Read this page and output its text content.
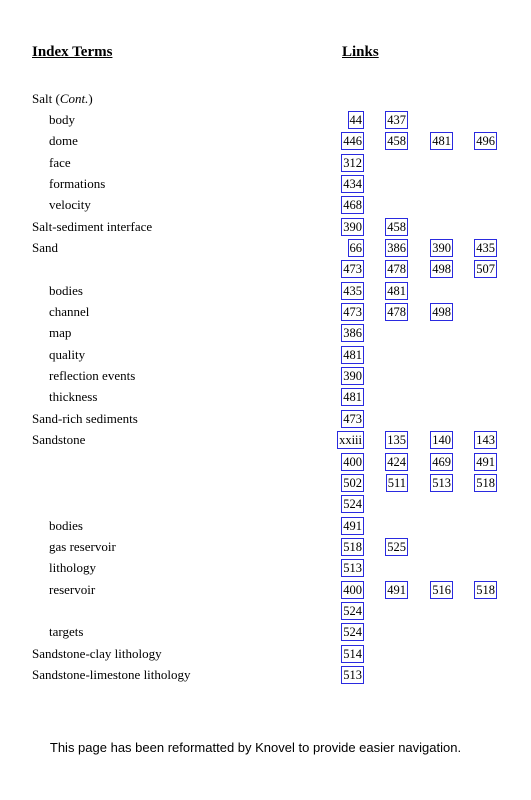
Index Terms	Links
Salt (Cont.)
body	44 437
dome	446 458 481 496
face	312
formations	434
velocity	468
Salt-sediment interface	390 458
Sand	66 386 390 435
473 478 498 507
bodies	435 481
channel	473 478 498
map	386
quality	481
reflection events	390
thickness	481
Sand-rich sediments	473
Sandstone	xxiii 135 140 143
400 424 469 491
502 511 513 518
524
bodies	491
gas reservoir	518 525
lithology	513
reservoir	400 491 516 518
524
targets	524
Sandstone-clay lithology	514
Sandstone-limestone lithology	513
This page has been reformatted by Knovel to provide easier navigation.
